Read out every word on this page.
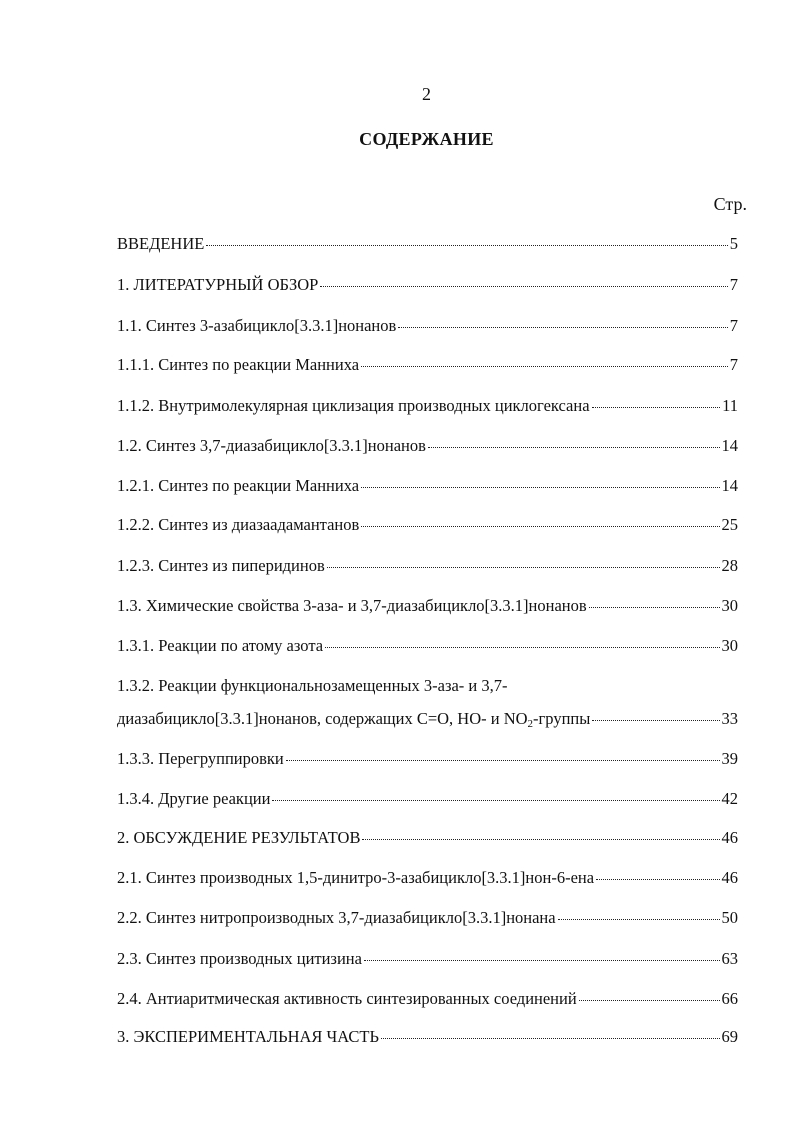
2
СОДЕРЖАНИЕ
Стр.
ВВЕДЕНИЕ	5
1. ЛИТЕРАТУРНЫЙ ОБЗОР	7
1.1. Синтез 3-азабицикло[3.3.1]нонанов	7
1.1.1. Синтез по реакции Манниха	7
1.1.2. Внутримолекулярная циклизация производных циклогексана	11
1.2. Синтез 3,7-диазабицикло[3.3.1]нонанов	14
1.2.1. Синтез по реакции Манниха	14
1.2.2. Синтез из диазаадамантанов	25
1.2.3. Синтез из пиперидинов	28
1.3. Химические свойства 3-аза- и 3,7-диазабицикло[3.3.1]нонанов	30
1.3.1. Реакции по атому азота	30
1.3.2. Реакции функциональнозамещенных 3-аза- и 3,7-
диазабицикло[3.3.1]нонанов, содержащих С=О, НО- и $NO_2$-группы	33
1.3.3. Перегруппировки	39
1.3.4. Другие реакции	42
2. ОБСУЖДЕНИЕ РЕЗУЛЬТАТОВ	46
2.1. Синтез производных 1,5-динитро-3-азабицикло[3.3.1]нон-6-ена	46
2.2. Синтез нитропроизводных 3,7-диазабицикло[3.3.1]нонана	50
2.3. Синтез производных цитизина	63
2.4. Антиаритмическая активность синтезированных соединений	66
3. ЭКСПЕРИМЕНТАЛЬНАЯ ЧАСТЬ	69
